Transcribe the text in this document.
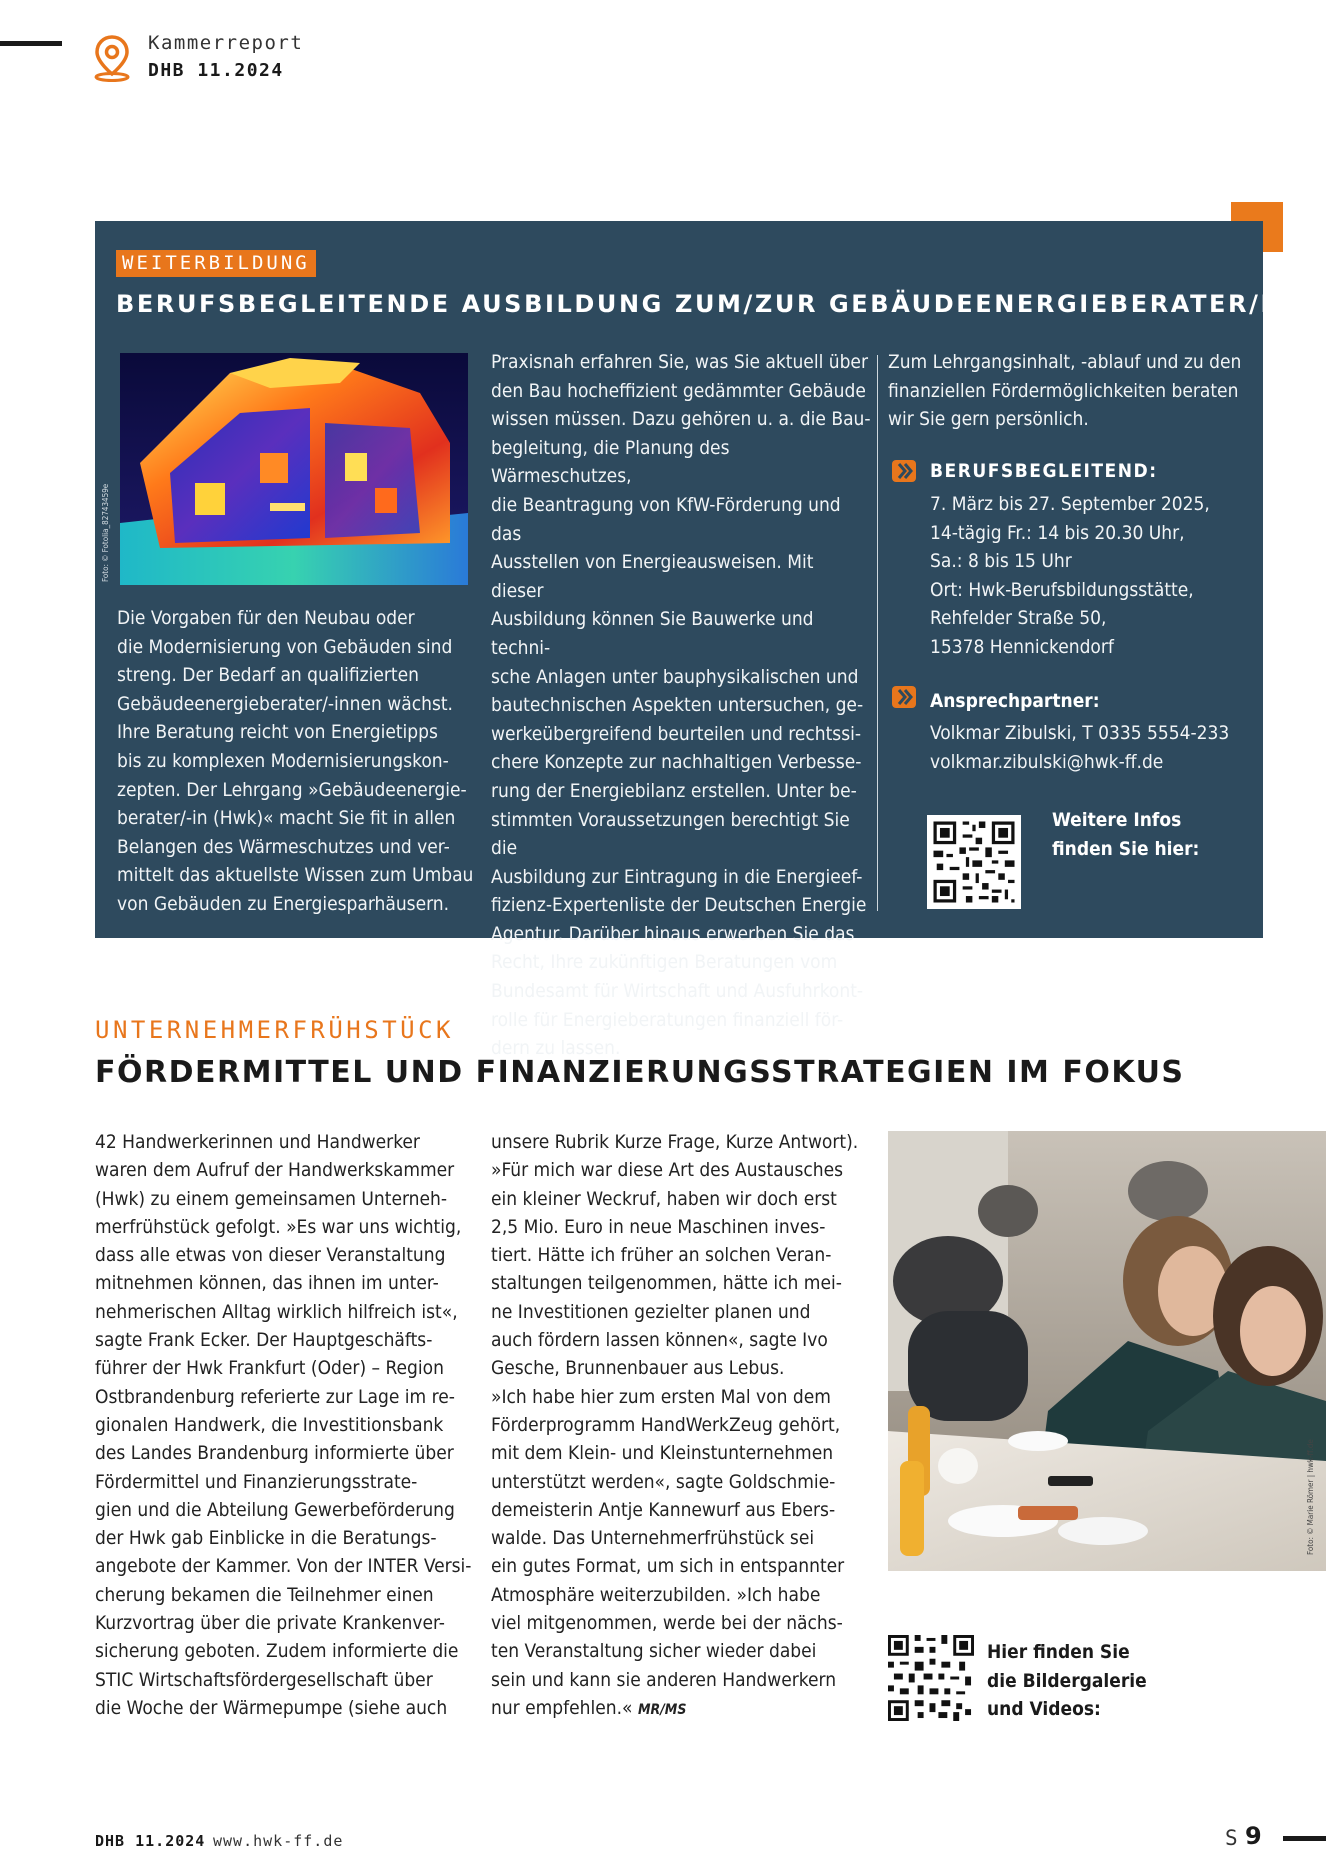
Kammerreport
DHB 11.2024
WEITERBILDUNG
BERUFSBEGLEITENDE AUSBILDUNG ZUM/ZUR GEBÄUDEENERGIEBERATER/IN
Foto: © Fotolia_82743459e
Die Vorgaben für den Neubau oder
die Modernisierung von Gebäuden sind
streng. Der Bedarf an qualifizierten
Gebäudeenergieberater/-innen wächst.
Ihre Beratung reicht von Energietipps
bis zu komplexen Modernisierungskon-
zepten. Der Lehrgang »Gebäudeenergie-
berater/-in (Hwk)« macht Sie fit in allen
Belangen des Wärmeschutzes und ver-
mittelt das aktuellste Wissen zum Umbau
von Gebäuden zu Energiesparhäusern.
Praxisnah erfahren Sie, was Sie aktuell über
den Bau hocheffizient gedämmter Gebäude
wissen müssen. Dazu gehören u. a. die Bau-
begleitung, die Planung des Wärmeschutzes,
die Beantragung von KfW-Förderung und das
Ausstellen von Energieausweisen. Mit dieser
Ausbildung können Sie Bauwerke und techni-
sche Anlagen unter bauphysikalischen und
bautechnischen Aspekten untersuchen, ge-
werkeübergreifend beurteilen und rechtssi-
chere Konzepte zur nachhaltigen Verbesse-
rung der Energiebilanz erstellen. Unter be-
stimmten Voraussetzungen berechtigt Sie die
Ausbildung zur Eintragung in die Energieef-
fizienz-Expertenliste der Deutschen Energie
Agentur. Darüber hinaus erwerben Sie das
Recht, Ihre zukünftigen Beratungen vom
Bundesamt für Wirtschaft und Ausfuhrkont-
rolle für Energieberatungen finanziell för-
dern zu lassen.
Zum Lehrgangsinhalt, -ablauf und zu den
finanziellen Fördermöglichkeiten beraten
wir Sie gern persönlich.
BERUFSBEGLEITEND:
7. März bis 27. September 2025,
14-tägig Fr.: 14 bis 20.30 Uhr,
Sa.: 8 bis 15 Uhr
Ort: Hwk-Berufsbildungsstätte,
Rehfelder Straße 50,
15378 Hennickendorf
Ansprechpartner:
Volkmar Zibulski, T 0335 5554-233
volkmar.zibulski@hwk-ff.de
Weitere Infos
finden Sie hier:
UNTERNEHMERFRÜHSTÜCK
FÖRDERMITTEL UND FINANZIERUNGSSTRATEGIEN IM FOKUS
42 Handwerkerinnen und Handwerker
waren dem Aufruf der Handwerkskammer
(Hwk) zu einem gemeinsamen Unterneh-
merfrühstück gefolgt. »Es war uns wichtig,
dass alle etwas von dieser Veranstaltung
mitnehmen können, das ihnen im unter-
nehmerischen Alltag wirklich hilfreich ist«,
sagte Frank Ecker. Der Hauptgeschäfts-
führer der Hwk Frankfurt (Oder) – Region
Ostbrandenburg referierte zur Lage im re-
gionalen Handwerk, die Investitionsbank
des Landes Brandenburg informierte über
Fördermittel und Finanzierungsstrate-
gien und die Abteilung Gewerbeförderung
der Hwk gab Einblicke in die Beratungs-
angebote der Kammer. Von der INTER Versi-
cherung bekamen die Teilnehmer einen
Kurzvortrag über die private Krankenver-
sicherung geboten. Zudem informierte die
STIC Wirtschaftsfördergesellschaft über
die Woche der Wärmepumpe (siehe auch
unsere Rubrik Kurze Frage, Kurze Antwort).
»Für mich war diese Art des Austausches
ein kleiner Weckruf, haben wir doch erst
2,5 Mio. Euro in neue Maschinen inves-
tiert. Hätte ich früher an solchen Veran-
staltungen teilgenommen, hätte ich mei-
ne Investitionen gezielter planen und
auch fördern lassen können«, sagte Ivo
Gesche, Brunnenbauer aus Lebus.
»Ich habe hier zum ersten Mal von dem
Förderprogramm HandWerkZeug gehört,
mit dem Klein- und Kleinstunternehmen
unterstützt werden«, sagte Goldschmie-
demeisterin Antje Kannewurf aus Ebers-
walde. Das Unternehmerfrühstück sei
ein gutes Format, um sich in entspannter
Atmosphäre weiterzubilden. »Ich habe
viel mitgenommen, werde bei der nächs-
ten Veranstaltung sicher wieder dabei
sein und kann sie anderen Handwerkern
nur empfehlen.« MR/MS
Foto: © Marie Römer | hwk-ff.de
Hier finden Sie
die Bildergalerie
und Videos:
DHB 11.2024 www.hwk-ff.de	S 9
